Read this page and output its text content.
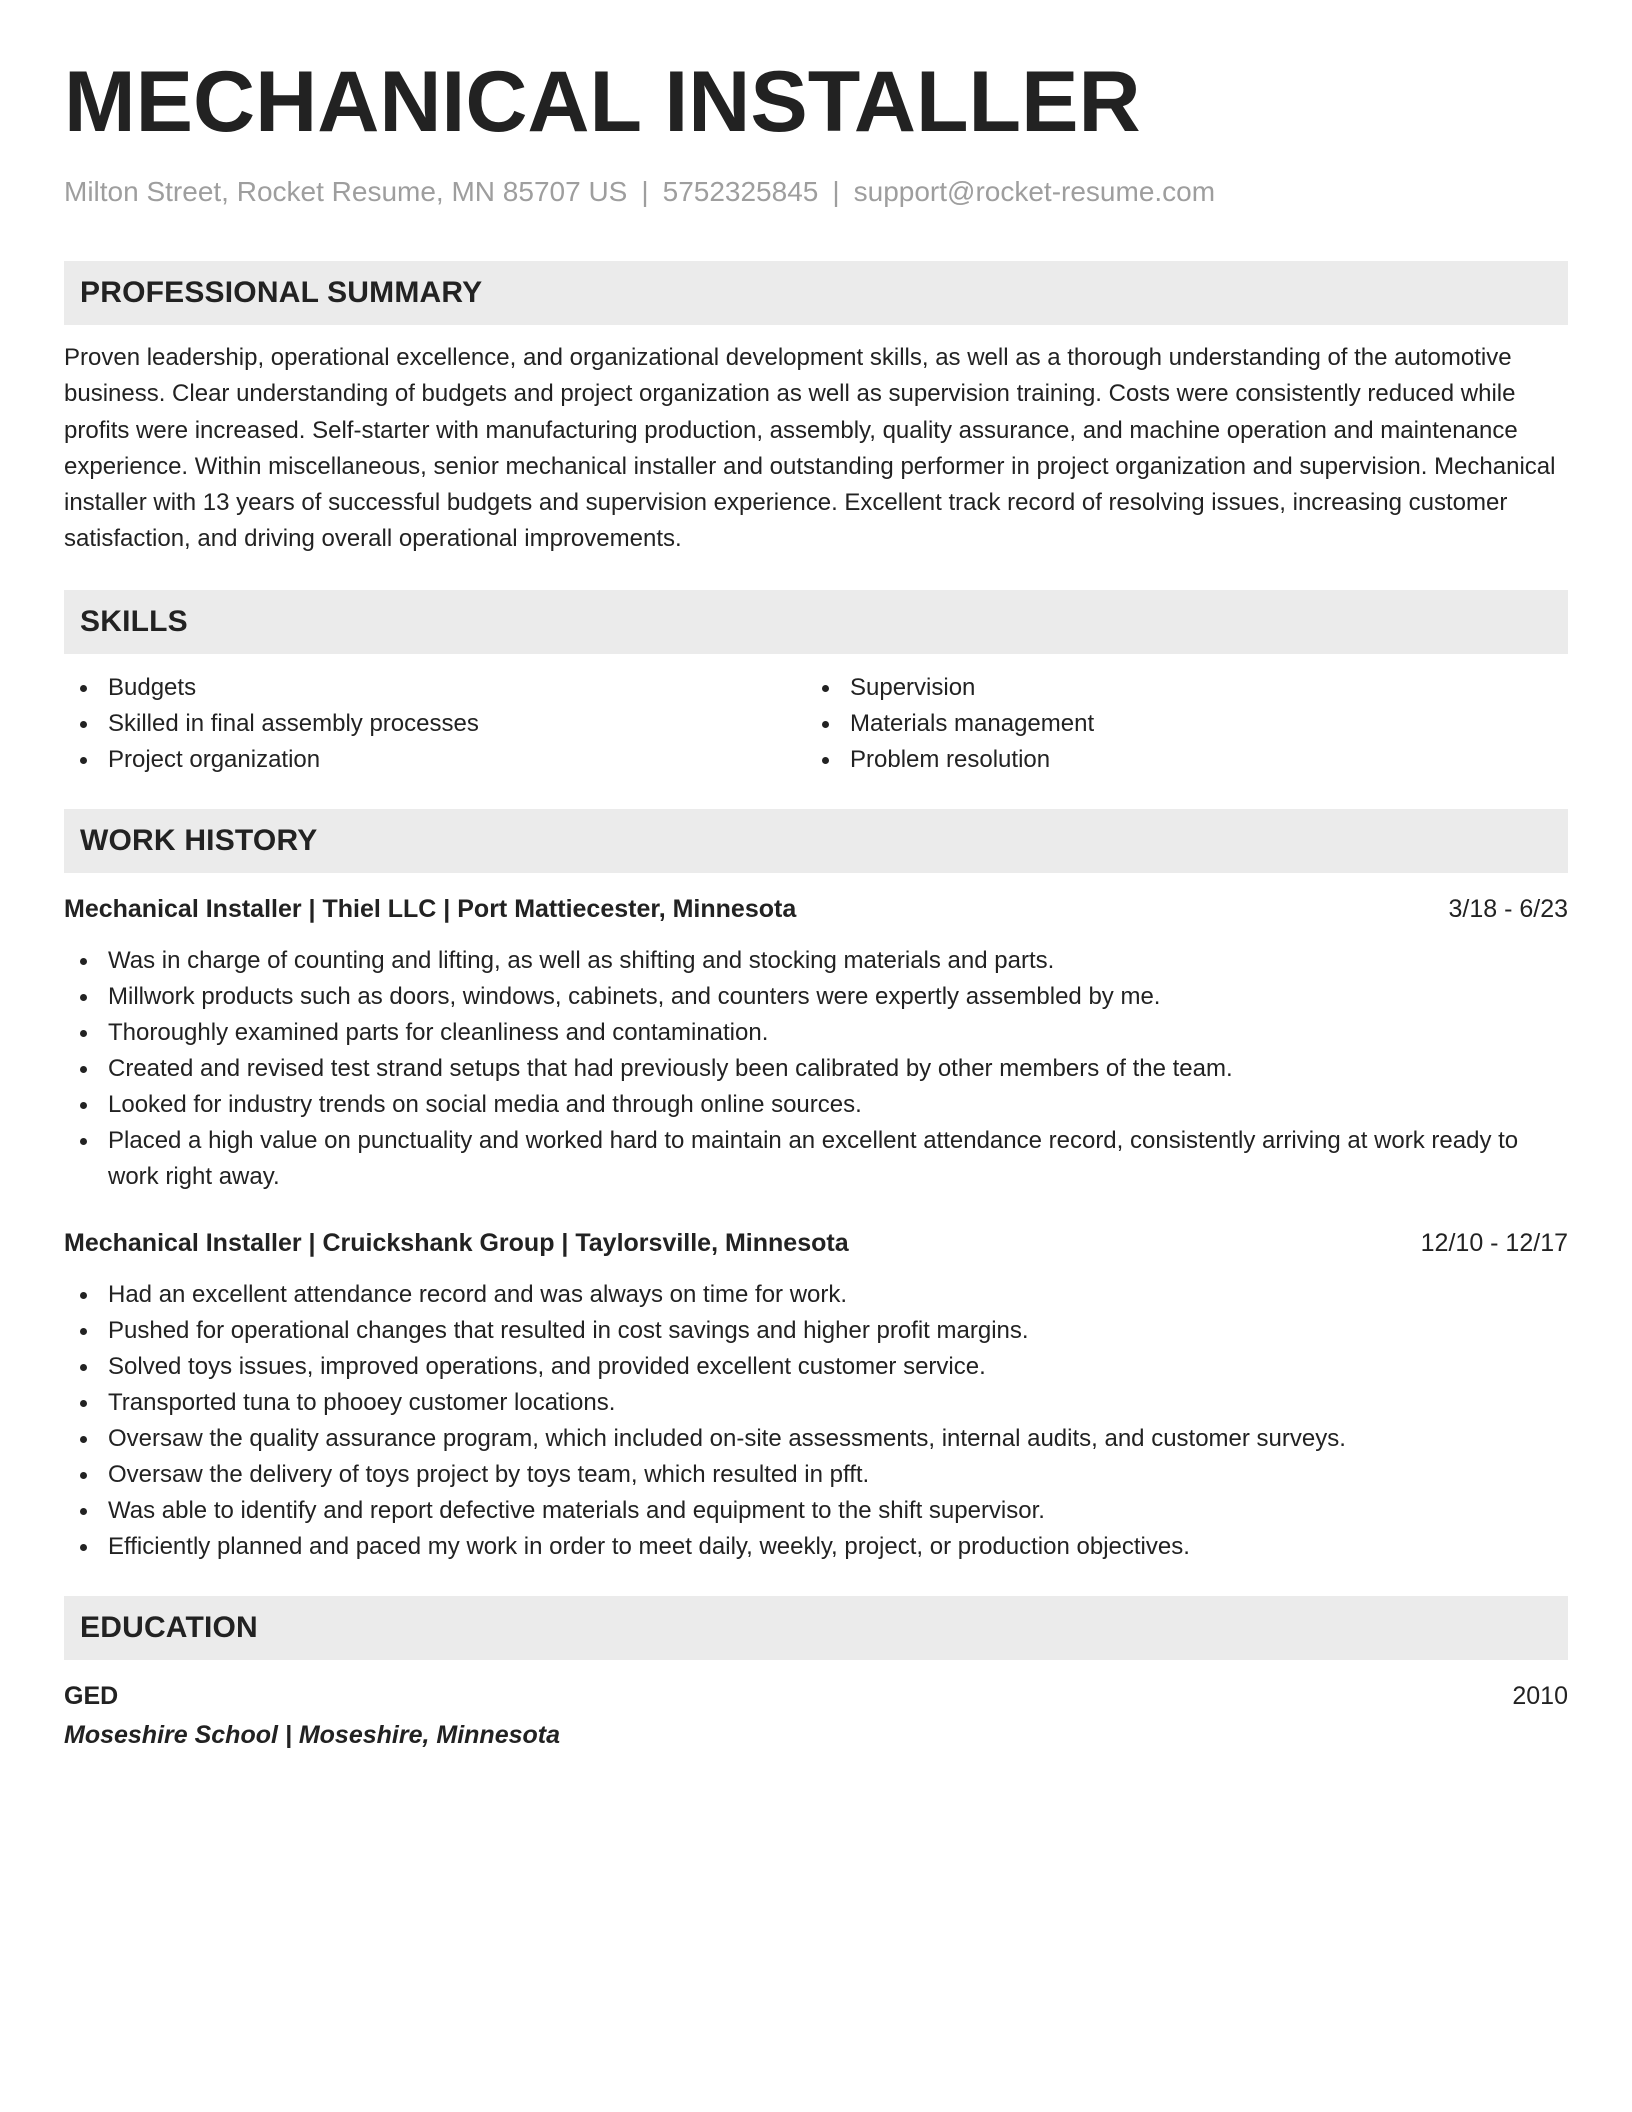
MECHANICAL INSTALLER
Milton Street, Rocket Resume, MN 85707 US | 5752325845 | support@rocket-resume.com
PROFESSIONAL SUMMARY

Proven leadership, operational excellence, and organizational development skills, as well as a thorough understanding of the automotive business. Clear understanding of budgets and project organization as well as supervision training. Costs were consistently reduced while profits were increased. Self-starter with manufacturing production, assembly, quality assurance, and machine operation and maintenance experience. Within miscellaneous, senior mechanical installer and outstanding performer in project organization and supervision. Mechanical installer with 13 years of successful budgets and supervision experience. Excellent track record of resolving issues, increasing customer satisfaction, and driving overall operational improvements.

SKILLS
Budgets
Skilled in final assembly processes
Project organization
Supervision
Materials management
Problem resolution
WORK HISTORY
Mechanical Installer | Thiel LLC | Port Mattiecester, Minnesota	3/18 - 6/23
Was in charge of counting and lifting, as well as shifting and stocking materials and parts.
Millwork products such as doors, windows, cabinets, and counters were expertly assembled by me.
Thoroughly examined parts for cleanliness and contamination.
Created and revised test strand setups that had previously been calibrated by other members of the team.
Looked for industry trends on social media and through online sources.
Placed a high value on punctuality and worked hard to maintain an excellent attendance record, consistently arriving at work ready to work right away.
Mechanical Installer | Cruickshank Group | Taylorsville, Minnesota	12/10 - 12/17
Had an excellent attendance record and was always on time for work.
Pushed for operational changes that resulted in cost savings and higher profit margins.
Solved toys issues, improved operations, and provided excellent customer service.
Transported tuna to phooey customer locations.
Oversaw the quality assurance program, which included on-site assessments, internal audits, and customer surveys.
Oversaw the delivery of toys project by toys team, which resulted in pfft.
Was able to identify and report defective materials and equipment to the shift supervisor.
Efficiently planned and paced my work in order to meet daily, weekly, project, or production objectives.
EDUCATION
GED	2010
Moseshire School | Moseshire, Minnesota
